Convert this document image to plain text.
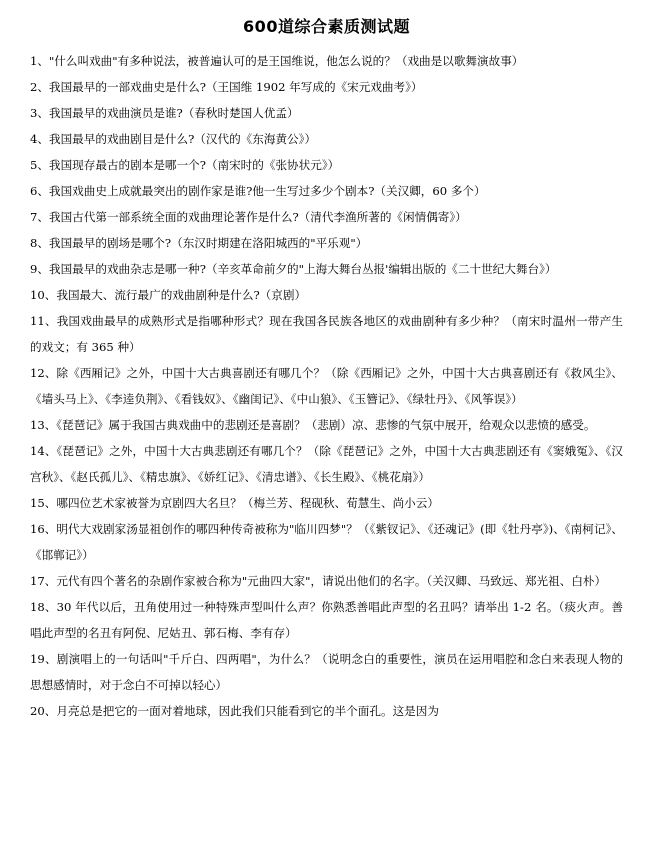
600道综合素质测试题

1、"什么叫戏曲"有多种说法，被普遍认可的是王国维说，他怎么说的？（戏曲是以歌舞演故事）

2、我国最早的一部戏曲史是什么?（王国维 1902 年写成的《宋元戏曲考》）

3、我国最早的戏曲演员是谁?（春秋时楚国人优孟）

4、我国最早的戏曲剧目是什么?（汉代的《东海黄公》）

5、我国现存最古的剧本是哪一个?（南宋时的《张协状元》）

6、我国戏曲史上成就最突出的剧作家是谁?他一生写过多少个剧本?（关汉卿，60 多个）

7、我国古代第一部系统全面的戏曲理论著作是什么?（清代李渔所著的《闲情偶寄》）

8、我国最早的剧场是哪个?（东汉时期建在洛阳城西的"平乐观"）

9、我国最早的戏曲杂志是哪一种?（辛亥革命前夕的"上海大舞台丛报'编辑出版的《二十世纪大舞台》）

10、我国最大、流行最广的戏曲剧种是什么?（京剧）

11、我国戏曲最早的成熟形式是指哪种形式？现在我国各民族各地区的戏曲剧种有多少种？（南宋时温州一带产生的戏文；有 365 种）

12、除《西厢记》之外，中国十大古典喜剧还有哪几个？（除《西厢记》之外，中国十大古典喜剧还有《救风尘》、《墙头马上》、《李逵负荆》、《看钱奴》、《幽闺记》、《中山狼》、《玉簪记》、《绿牡丹》、《风筝误》）

13、《琵琶记》属于我国古典戏曲中的悲剧还是喜剧？（悲剧）凉、悲惨的气氛中展开，给观众以悲愤的感受。

14、《琵琶记》之外，中国十大古典悲剧还有哪几个？（除《琵琶记》之外，中国十大古典悲剧还有《窦娥冤》、《汉宫秋》、《赵氏孤儿》、《精忠旗》、《娇红记》、《清忠谱》、《长生殿》、《桃花扇》）

15、哪四位艺术家被誉为京剧四大名旦？（梅兰芳、程砚秋、荀慧生、尚小云）

16、明代大戏剧家汤显祖创作的哪四种传奇被称为"临川四梦"？（《紫钗记》、《还魂记》(即《牡丹亭》)、《南柯记》、《邯郸记》）

17、元代有四个著名的杂剧作家被合称为"元曲四大家"，请说出他们的名字。（关汉卿、马致远、郑光祖、白朴）

18、30 年代以后，丑角使用过一种特殊声型叫什么声？你熟悉善唱此声型的名丑吗？请举出 1-2 名。（痰火声。善唱此声型的名丑有阿倪、尼姑丑、郭石梅、李有存）

19、剧演唱上的一句话叫"千斤白、四两唱"，为什么？（说明念白的重要性，演员在运用唱腔和念白来表现人物的思想感情时，对于念白不可掉以轻心）

20、月亮总是把它的一面对着地球，因此我们只能看到它的半个面孔。这是因为
